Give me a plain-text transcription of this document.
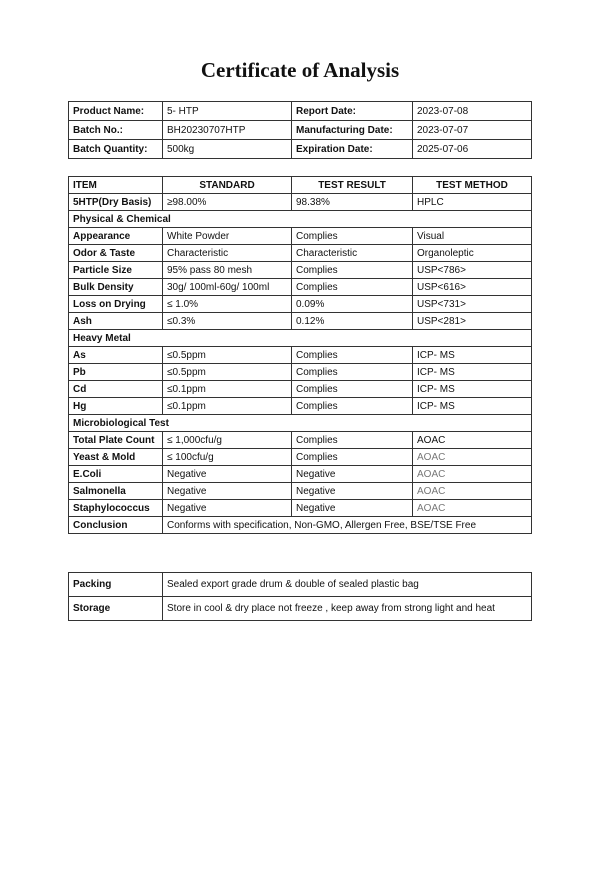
Certificate of Analysis
Product Name:	5- HTP	Report Date:	2023-07-08
Batch No.:	BH20230707HTP	Manufacturing Date:	2023-07-07
Batch Quantity:	500kg	Expiration Date:	2025-07-06
ITEM	STANDARD	TEST RESULT	TEST METHOD
5HTP(Dry Basis)	≥98.00%	98.38%	HPLC
Physical & Chemical			
Appearance	White Powder	Complies	Visual
Odor & Taste	Characteristic	Characteristic	Organoleptic
Particle Size	95% pass 80 mesh	Complies	USP<786>
Bulk Density	30g/ 100ml-60g/ 100ml	Complies	USP<616>
Loss on Drying	≤ 1.0%	0.09%	USP<731>
Ash	≤0.3%	0.12%	USP<281>
Heavy Metal			
As	≤0.5ppm	Complies	ICP- MS
Pb	≤0.5ppm	Complies	ICP- MS
Cd	≤0.1ppm	Complies	ICP- MS
Hg	≤0.1ppm	Complies	ICP- MS
Microbiological Test			
Total Plate Count	≤ 1,000cfu/g	Complies	AOAC
Yeast & Mold	≤ 100cfu/g	Complies	AOAC
E.Coli	Negative	Negative	AOAC
Salmonella	Negative	Negative	AOAC
Staphylococcus	Negative	Negative	AOAC
Conclusion	Conforms with specification, Non-GMO, Allergen Free, BSE/TSE Free		
Packing	Sealed export grade drum & double of sealed plastic bag
Storage	Store in cool & dry place not freeze , keep away from strong light and heat
